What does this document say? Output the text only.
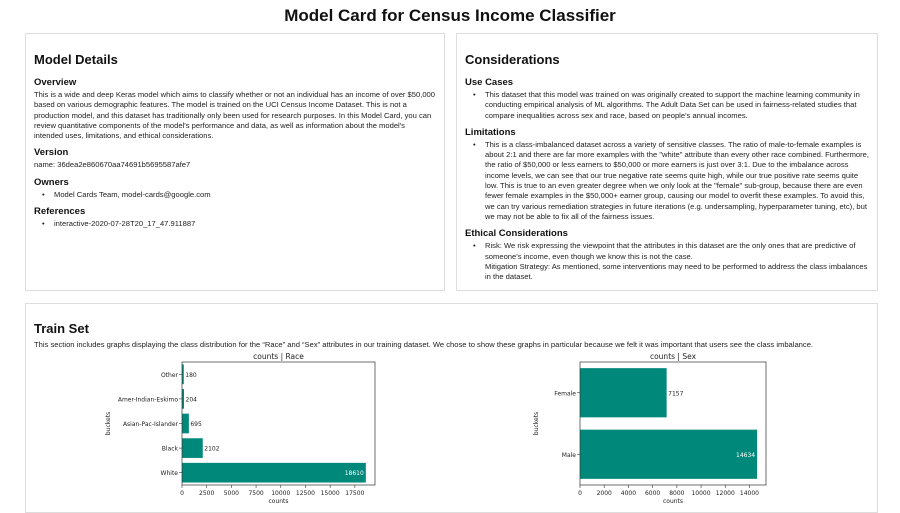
Model Card for Census Income Classifier
Model Details
Overview

This is a wide and deep Keras model which aims to classify whether or not an individual has an income of over $50,000 based on various demographic features. The model is trained on the UCI Census Income Dataset. This is not a production model, and this dataset has traditionally only been used for research purposes. In this Model Card, you can review quantitative components of the model's performance and data, as well as information about the model's intended uses, limitations, and ethical considerations.

Version

name: 36dea2e860670aa74691b5695587afe7

Owners
• Model Cards Team, model-cards@google.com
References
• interactive-2020-07-28T20_17_47.911887
Considerations
Use Cases
• This dataset that this model was trained on was originally created to support the machine learning community in conducting empirical analysis of ML algorithms. The Adult Data Set can be used in fairness-related studies that compare inequalities across sex and race, based on people's annual incomes.
Limitations
• This is a class-imbalanced dataset across a variety of sensitive classes. The ratio of male-to-female examples is about 2:1 and there are far more examples with the "white" attribute than every other race combined. Furthermore, the ratio of $50,000 or less earners to $50,000 or more earners is just over 3:1. Due to the imbalance across income levels, we can see that our true negative rate seems quite high, while our true positive rate seems quite low. This is true to an even greater degree when we only look at the "female" sub-group, because there are even fewer female examples in the $50,000+ earner group, causing our model to overfit these examples. To avoid this, we can try various remediation strategies in future iterations (e.g. undersampling, hyperparameter tuning, etc), but we may not be able to fix all of the fairness issues.
Ethical Considerations
• Risk: We risk expressing the viewpoint that the attributes in this dataset are the only ones that are predictive of someone's income, even though we know this is not the case.
Mitigation Strategy: As mentioned, some interventions may need to be performed to address the class imbalances in the dataset.
Train Set

This section includes graphs displaying the class distribution for the “Race” and “Sex” attributes in our training dataset. We chose to show these graphs in particular because we felt it was important that users see the class imbalance.

counts | Race
White	18610
Black	2102
Asian-Pac-Islander 695
Amer-Indian-Eskimo 204
Other 180
0	2500 5000 7500 10000 12500 15000 17500
counts
buckets
counts | Sex
Male	14634
Female	7157
0 2000 4000 6000 8000 10000 12000 14000
counts
buckets
